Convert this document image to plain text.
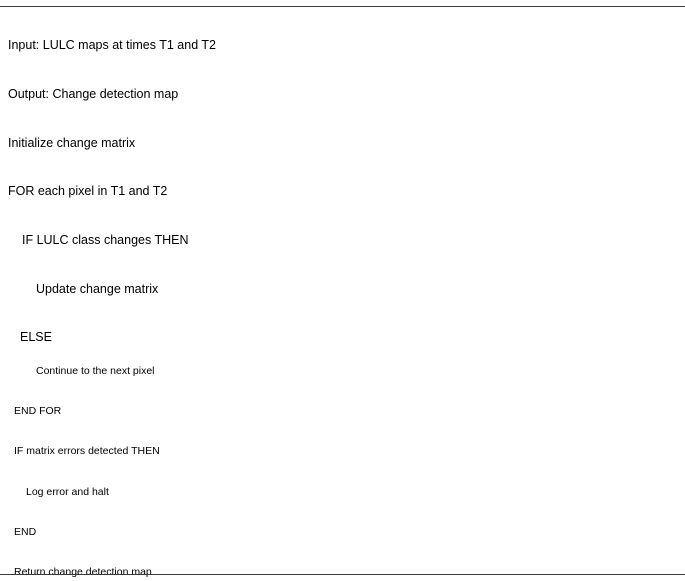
Input: LULC maps at times T1 and T2
Output: Change detection map
Initialize change matrix
FOR each pixel in T1 and T2
IF LULC class changes THEN
Update change matrix
ELSE
Continue to the next pixel
END FOR
IF matrix errors detected THEN
Log error and halt
END
Return change detection map
